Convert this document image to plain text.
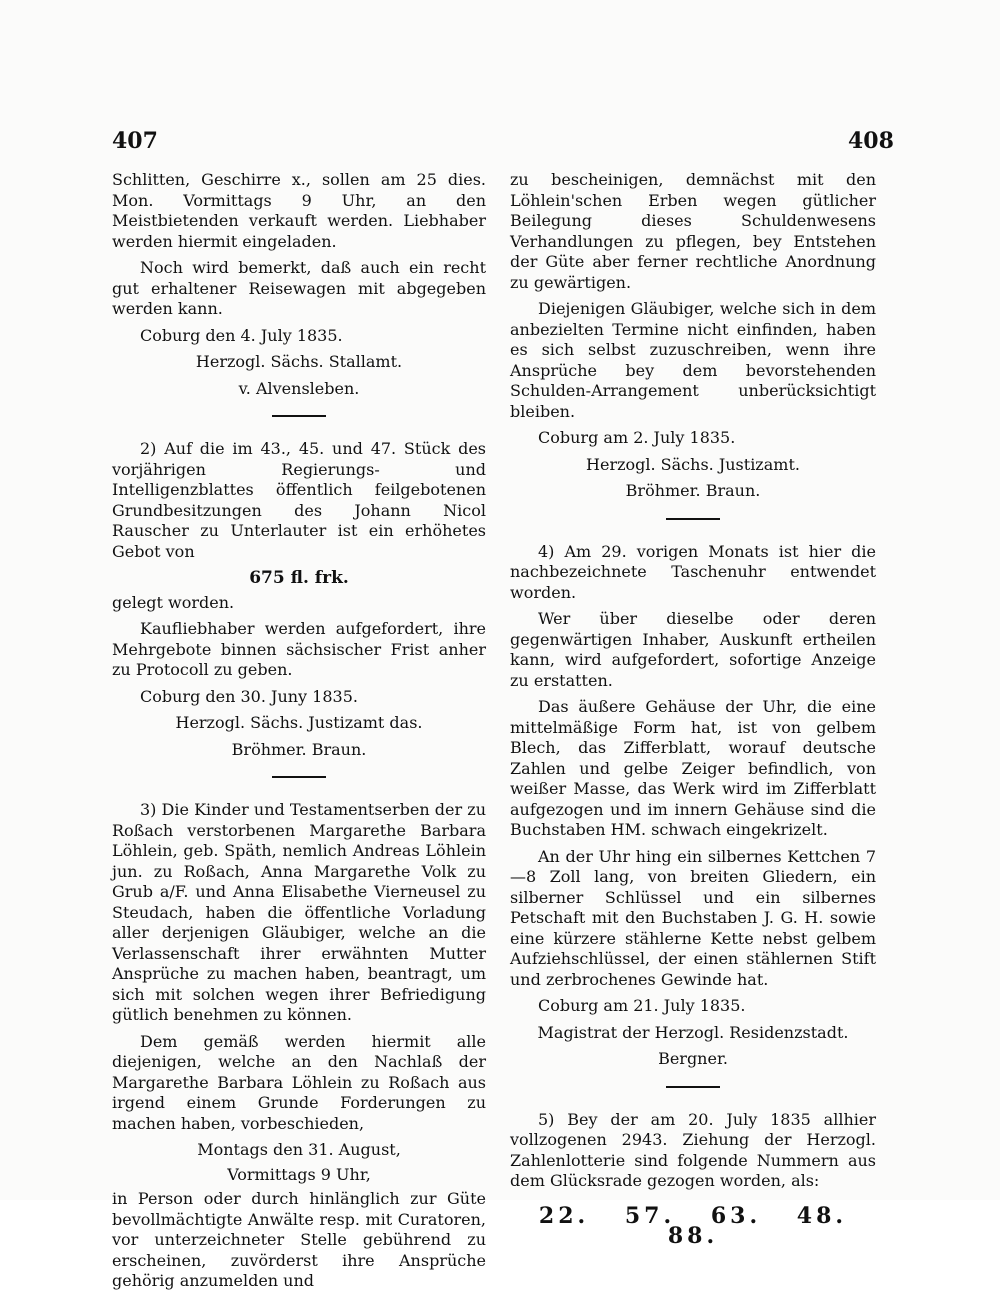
407	408

Schlitten, Geschirre x., sollen am 25 dies. Mon. Vormittags 9 Uhr, an den Meistbietenden verkauft werden. Liebhaber werden hiermit eingeladen.

Noch wird bemerkt, daß auch ein recht gut erhaltener Reisewagen mit abgegeben werden kann.

Coburg den 4. July 1835.

Herzogl. Sächs. Stallamt.

v. Alvensleben.

2) Auf die im 43., 45. und 47. Stück des vorjährigen Regierungs- und Intelligenzblattes öffentlich feilgebotenen Grundbesitzungen des Johann Nicol Rauscher zu Unterlauter ist ein erhöhetes Gebot von

675 fl. frk.

gelegt worden.

Kaufliebhaber werden aufgefordert, ihre Mehrgebote binnen sächsischer Frist anher zu Protocoll zu geben.

Coburg den 30. Juny 1835.

Herzogl. Sächs. Justizamt das.

Bröhmer. Braun.

3) Die Kinder und Testamentserben der zu Roßach verstorbenen Margarethe Barbara Löhlein, geb. Späth, nemlich Andreas Löhlein jun. zu Roßach, Anna Margarethe Volk zu Grub a/F. und Anna Elisabethe Vierneusel zu Steudach, haben die öffentliche Vorladung aller derjenigen Gläubiger, welche an die Verlassenschaft ihrer erwähnten Mutter Ansprüche zu machen haben, beantragt, um sich mit solchen wegen ihrer Befriedigung gütlich benehmen zu können.

Dem gemäß werden hiermit alle diejenigen, welche an den Nachlaß der Margarethe Barbara Löhlein zu Roßach aus irgend einem Grunde Forderungen zu machen haben, vorbeschieden,

Montags den 31. August,
Vormittags 9 Uhr,

in Person oder durch hinlänglich zur Güte bevollmächtigte Anwälte resp. mit Curatoren, vor unterzeichneter Stelle gebührend zu erscheinen, zuvörderst ihre Ansprüche gehörig anzumelden und

zu bescheinigen, demnächst mit den Löhlein'schen Erben wegen gütlicher Beilegung dieses Schuldenwesens Verhandlungen zu pflegen, bey Entstehen der Güte aber ferner rechtliche Anordnung zu gewärtigen.

Diejenigen Gläubiger, welche sich in dem anbezielten Termine nicht einfinden, haben es sich selbst zuzuschreiben, wenn ihre Ansprüche bey dem bevorstehenden Schulden-Arrangement unberücksichtigt bleiben.

Coburg am 2. July 1835.

Herzogl. Sächs. Justizamt.

Bröhmer. Braun.

4) Am 29. vorigen Monats ist hier die nachbezeichnete Taschenuhr entwendet worden.

Wer über dieselbe oder deren gegenwärtigen Inhaber, Auskunft ertheilen kann, wird aufgefordert, sofortige Anzeige zu erstatten.

Das äußere Gehäuse der Uhr, die eine mittelmäßige Form hat, ist von gelbem Blech, das Zifferblatt, worauf deutsche Zahlen und gelbe Zeiger befindlich, von weißer Masse, das Werk wird im Zifferblatt aufgezogen und im innern Gehäuse sind die Buchstaben HM. schwach eingekrizelt.

An der Uhr hing ein silbernes Kettchen 7—8 Zoll lang, von breiten Gliedern, ein silberner Schlüssel und ein silbernes Petschaft mit den Buchstaben J. G. H. sowie eine kürzere stählerne Kette nebst gelbem Aufziehschlüssel, der einen stählernen Stift und zerbrochenes Gewinde hat.

Coburg am 21. July 1835.

Magistrat der Herzogl. Residenzstadt.

Bergner.

5) Bey der am 20. July 1835 allhier vollzogenen 2943. Ziehung der Herzogl. Zahlenlotterie sind folgende Nummern aus dem Glücksrade gezogen worden, als:

22. 57. 63. 48. 88.
